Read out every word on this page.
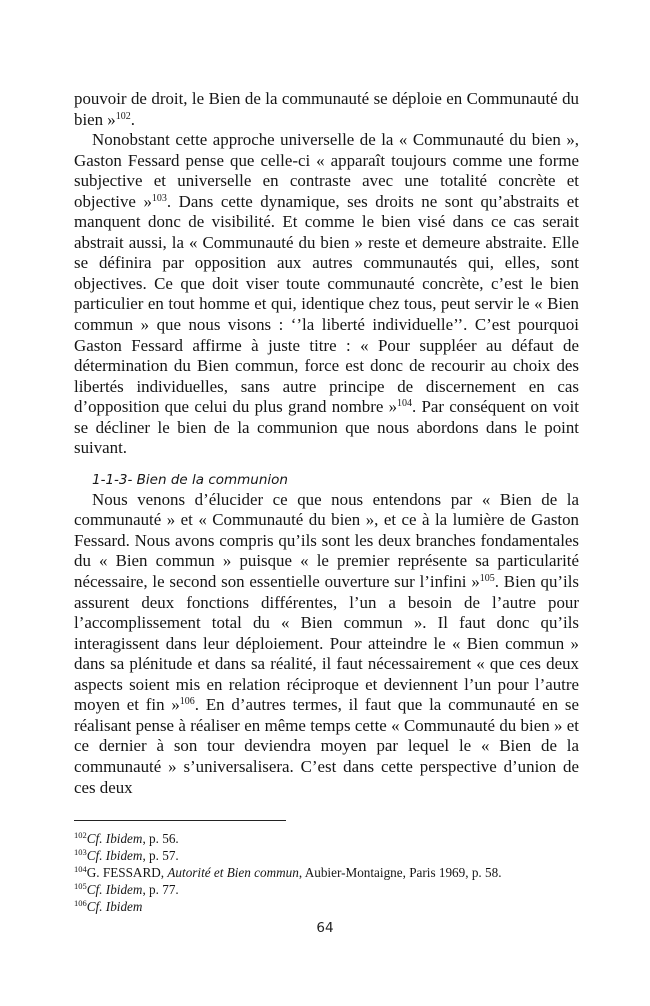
pouvoir de droit, le Bien de la communauté se déploie en Communauté du bien »$^{102}$.

Nonobstant cette approche universelle de la « Communauté du bien », Gaston Fessard pense que celle-ci « apparaît toujours comme une forme subjective et universelle en contraste avec une totalité concrète et objective »$^{103}$. Dans cette dynamique, ses droits ne sont qu’abstraits et manquent donc de visibilité. Et comme le bien visé dans ce cas serait abstrait aussi, la « Communauté du bien » reste et demeure abstraite. Elle se définira par opposition aux autres communautés qui, elles, sont objectives. Ce que doit viser toute communauté concrète, c’est le bien particulier en tout homme et qui, identique chez tous, peut servir le « Bien commun » que nous visons : ‘’la liberté individuelle’’. C’est pourquoi Gaston Fessard affirme à juste titre : « Pour suppléer au défaut de détermination du Bien commun, force est donc de recourir au choix des libertés individuelles, sans autre principe de discernement en cas d’opposition que celui du plus grand nombre »$^{104}$. Par conséquent on voit se décliner le bien de la communion que nous abordons dans le point suivant.

1-1-3- Bien de la communion

Nous venons d’élucider ce que nous entendons par « Bien de la communauté » et « Communauté du bien », et ce à la lumière de Gaston Fessard. Nous avons compris qu’ils sont les deux branches fondamentales du « Bien commun » puisque « le premier représente sa particularité nécessaire, le second son essentielle ouverture sur l’infini »$^{105}$. Bien qu’ils assurent deux fonctions différentes, l’un a besoin de l’autre pour l’accomplissement total du « Bien commun ». Il faut donc qu’ils interagissent dans leur déploiement. Pour atteindre le « Bien commun » dans sa plénitude et dans sa réalité, il faut nécessairement « que ces deux aspects soient mis en relation réciproque et deviennent l’un pour l’autre moyen et fin »$^{106}$. En d’autres termes, il faut que la communauté en se réalisant pense à réaliser en même temps cette « Communauté du bien » et ce dernier à son tour deviendra moyen par lequel le « Bien de la communauté » s’universalisera. C’est dans cette perspective d’union de ces deux

$^{102}$Cf. Ibidem, p. 56.
$^{103}$Cf. Ibidem, p. 57.
$^{104}$G. FESSARD, Autorité et Bien commun, Aubier-Montaigne, Paris 1969, p. 58.
$^{105}$Cf. Ibidem, p. 77.
$^{106}$Cf. Ibidem
64
